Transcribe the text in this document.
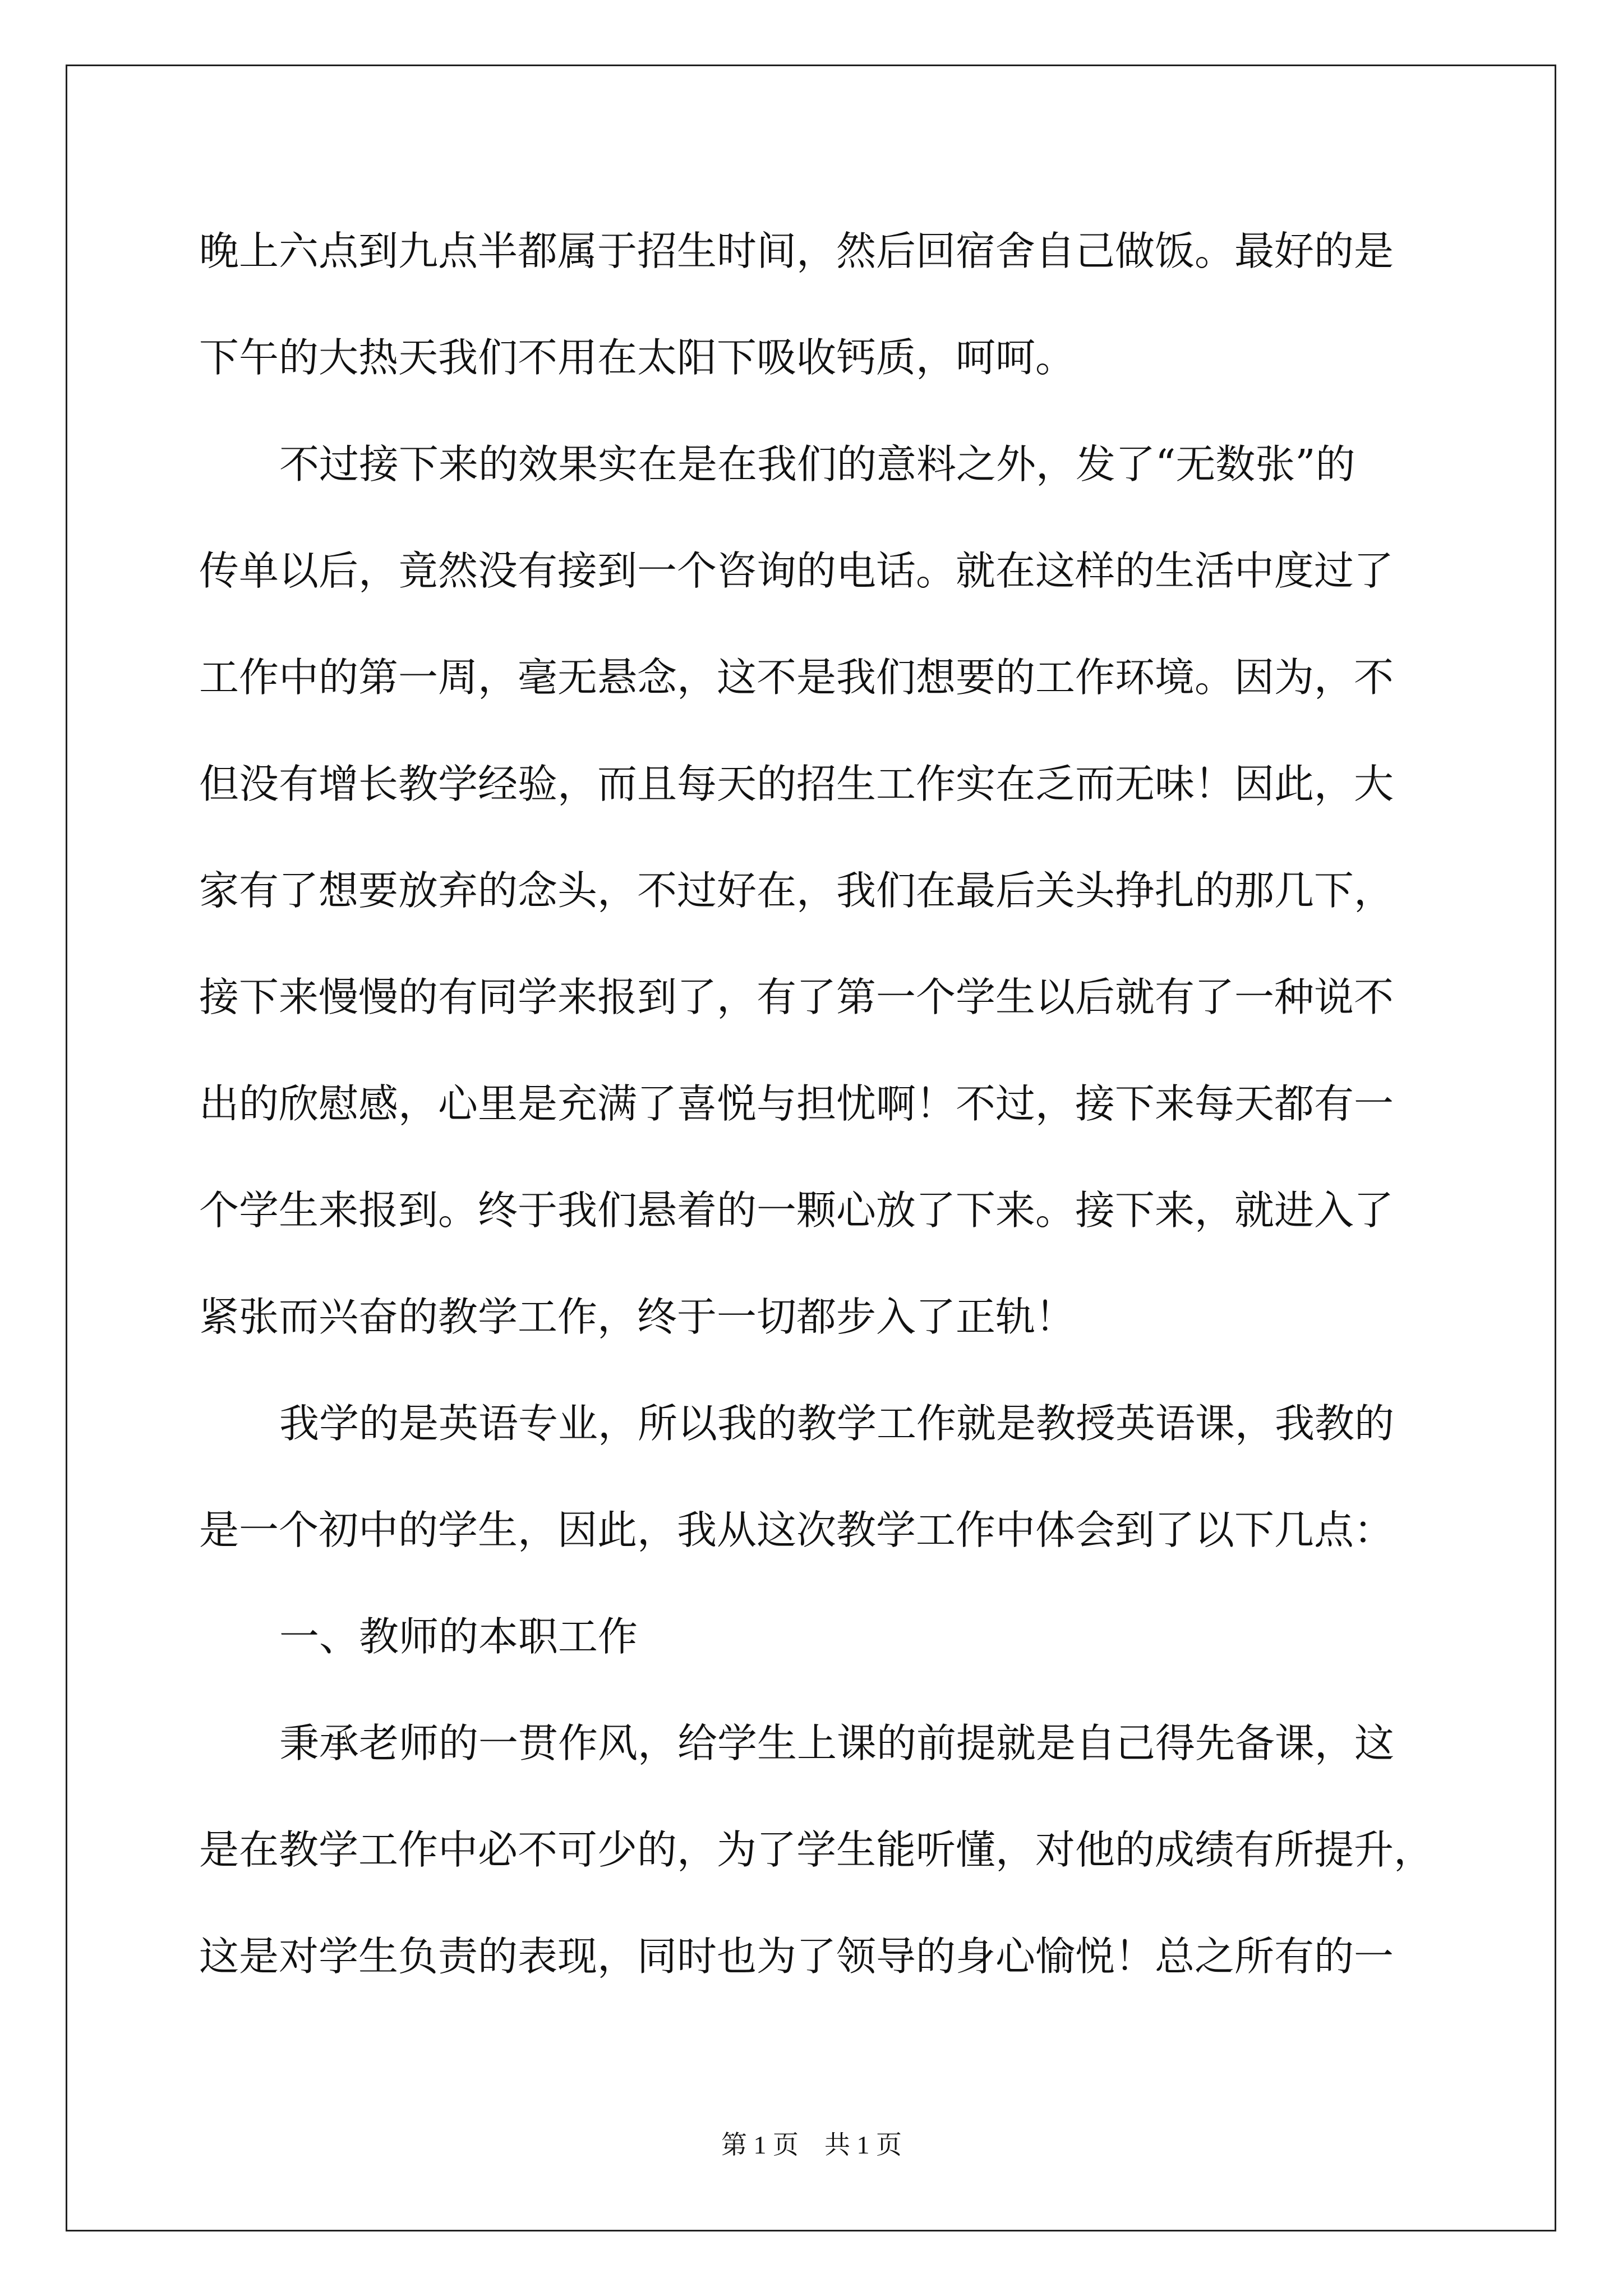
晚上六点到九点半都属于招生时间，然后回宿舍自己做饭。最好的是
下午的大热天我们不用在太阳下吸收钙质，呵呵。
不过接下来的效果实在是在我们的意料之外，发了“无数张”的
传单以后，竟然没有接到一个咨询的电话。就在这样的生活中度过了
工作中的第一周，毫无悬念，这不是我们想要的工作环境。因为，不
但没有增长教学经验，而且每天的招生工作实在乏而无味！因此，大
家有了想要放弃的念头，不过好在，我们在最后关头挣扎的那几下，
接下来慢慢的有同学来报到了，有了第一个学生以后就有了一种说不
出的欣慰感，心里是充满了喜悦与担忧啊！不过，接下来每天都有一
个学生来报到。终于我们悬着的一颗心放了下来。接下来，就进入了
紧张而兴奋的教学工作，终于一切都步入了正轨！
我学的是英语专业，所以我的教学工作就是教授英语课，我教的
是一个初中的学生，因此，我从这次教学工作中体会到了以下几点：
一、教师的本职工作
秉承老师的一贯作风，给学生上课的前提就是自己得先备课，这
是在教学工作中必不可少的，为了学生能听懂，对他的成绩有所提升，
这是对学生负责的表现，同时也为了领导的身心愉悦！总之所有的一
第 1 页 共 1 页
